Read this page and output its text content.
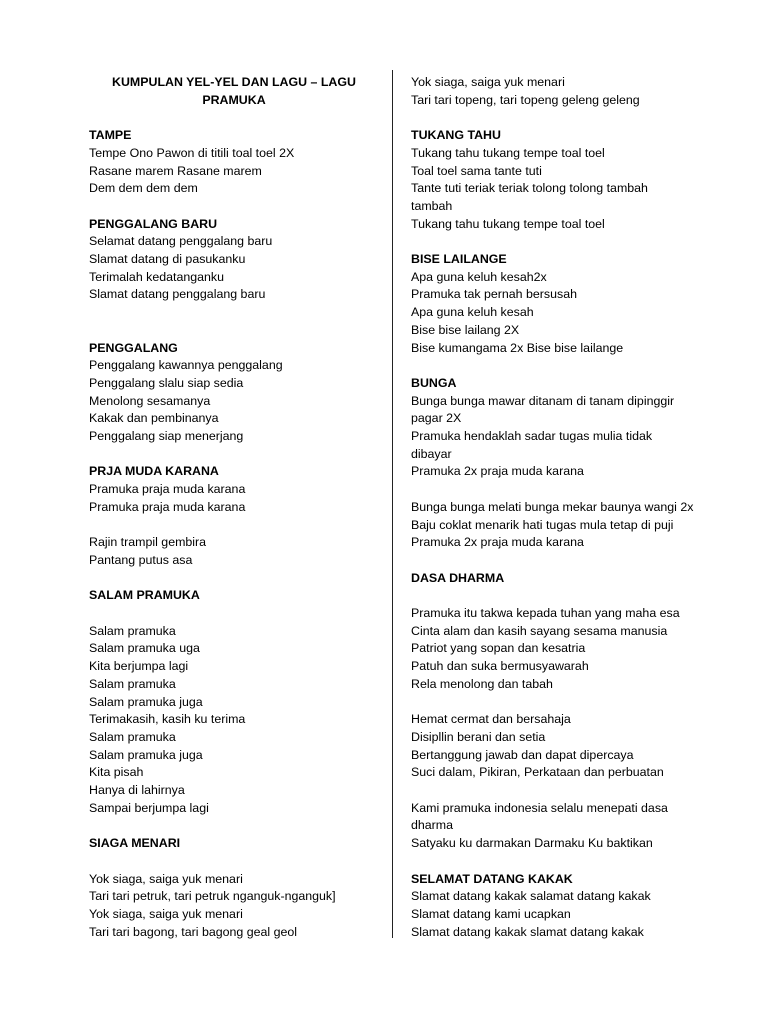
KUMPULAN YEL-YEL DAN LAGU – LAGU
PRAMUKA

TAMPE
Tempe Ono Pawon di titili toal toel 2X
Rasane marem Rasane marem
Dem dem dem dem
PENGGALANG BARU
Selamat datang penggalang baru
Slamat datang di pasukanku
Terimalah kedatanganku
Slamat datang penggalang baru
PENGGALANG
Penggalang kawannya penggalang
Penggalang slalu siap sedia
Menolong sesamanya
Kakak dan pembinanya
Penggalang siap menerjang
PRJA MUDA KARANA
Pramuka praja muda karana
Pramuka praja muda karana
Rajin trampil gembira
Pantang putus asa
SALAM PRAMUKA
Salam pramuka
Salam pramuka uga
Kita berjumpa lagi
Salam pramuka
Salam pramuka juga
Terimakasih, kasih ku terima
Salam pramuka
Salam pramuka juga
Kita pisah
Hanya di lahirnya
Sampai berjumpa lagi
SIAGA MENARI
Yok siaga, saiga yuk menari
Tari tari petruk, tari petruk nganguk-nganguk]
Yok siaga, saiga yuk menari
Tari tari bagong, tari bagong geal geol
Yok siaga, saiga yuk menari
Tari tari topeng, tari topeng geleng geleng
TUKANG TAHU
Tukang tahu tukang tempe toal toel
Toal toel sama tante tuti
Tante tuti teriak teriak tolong tolong tambah tambah
Tukang tahu tukang tempe toal toel
BISE LAILANGE
Apa guna keluh kesah2x
Pramuka tak pernah bersusah
Apa guna keluh kesah
Bise bise lailang 2X
Bise kumangama 2x Bise bise lailange
BUNGA
Bunga bunga mawar ditanam di tanam dipinggir pagar 2X
Pramuka hendaklah sadar tugas mulia tidak dibayar
Pramuka 2x praja muda karana
Bunga bunga melati bunga mekar baunya wangi 2x
Baju coklat menarik hati tugas mula tetap di puji
Pramuka 2x praja muda karana
DASA DHARMA
Pramuka itu takwa kepada tuhan yang maha esa
Cinta alam dan kasih sayang sesama manusia
Patriot yang sopan dan kesatria
Patuh dan suka bermusyawarah
Rela menolong dan tabah
Hemat cermat dan bersahaja
Disipllin berani dan setia
Bertanggung jawab dan dapat dipercaya
Suci dalam, Pikiran, Perkataan dan perbuatan
Kami pramuka indonesia selalu menepati dasa dharma
Satyaku ku darmakan Darmaku Ku baktikan
SELAMAT DATANG KAKAK
Slamat datang kakak salamat datang kakak
Slamat datang kami ucapkan
Slamat datang kakak slamat datang kakak
